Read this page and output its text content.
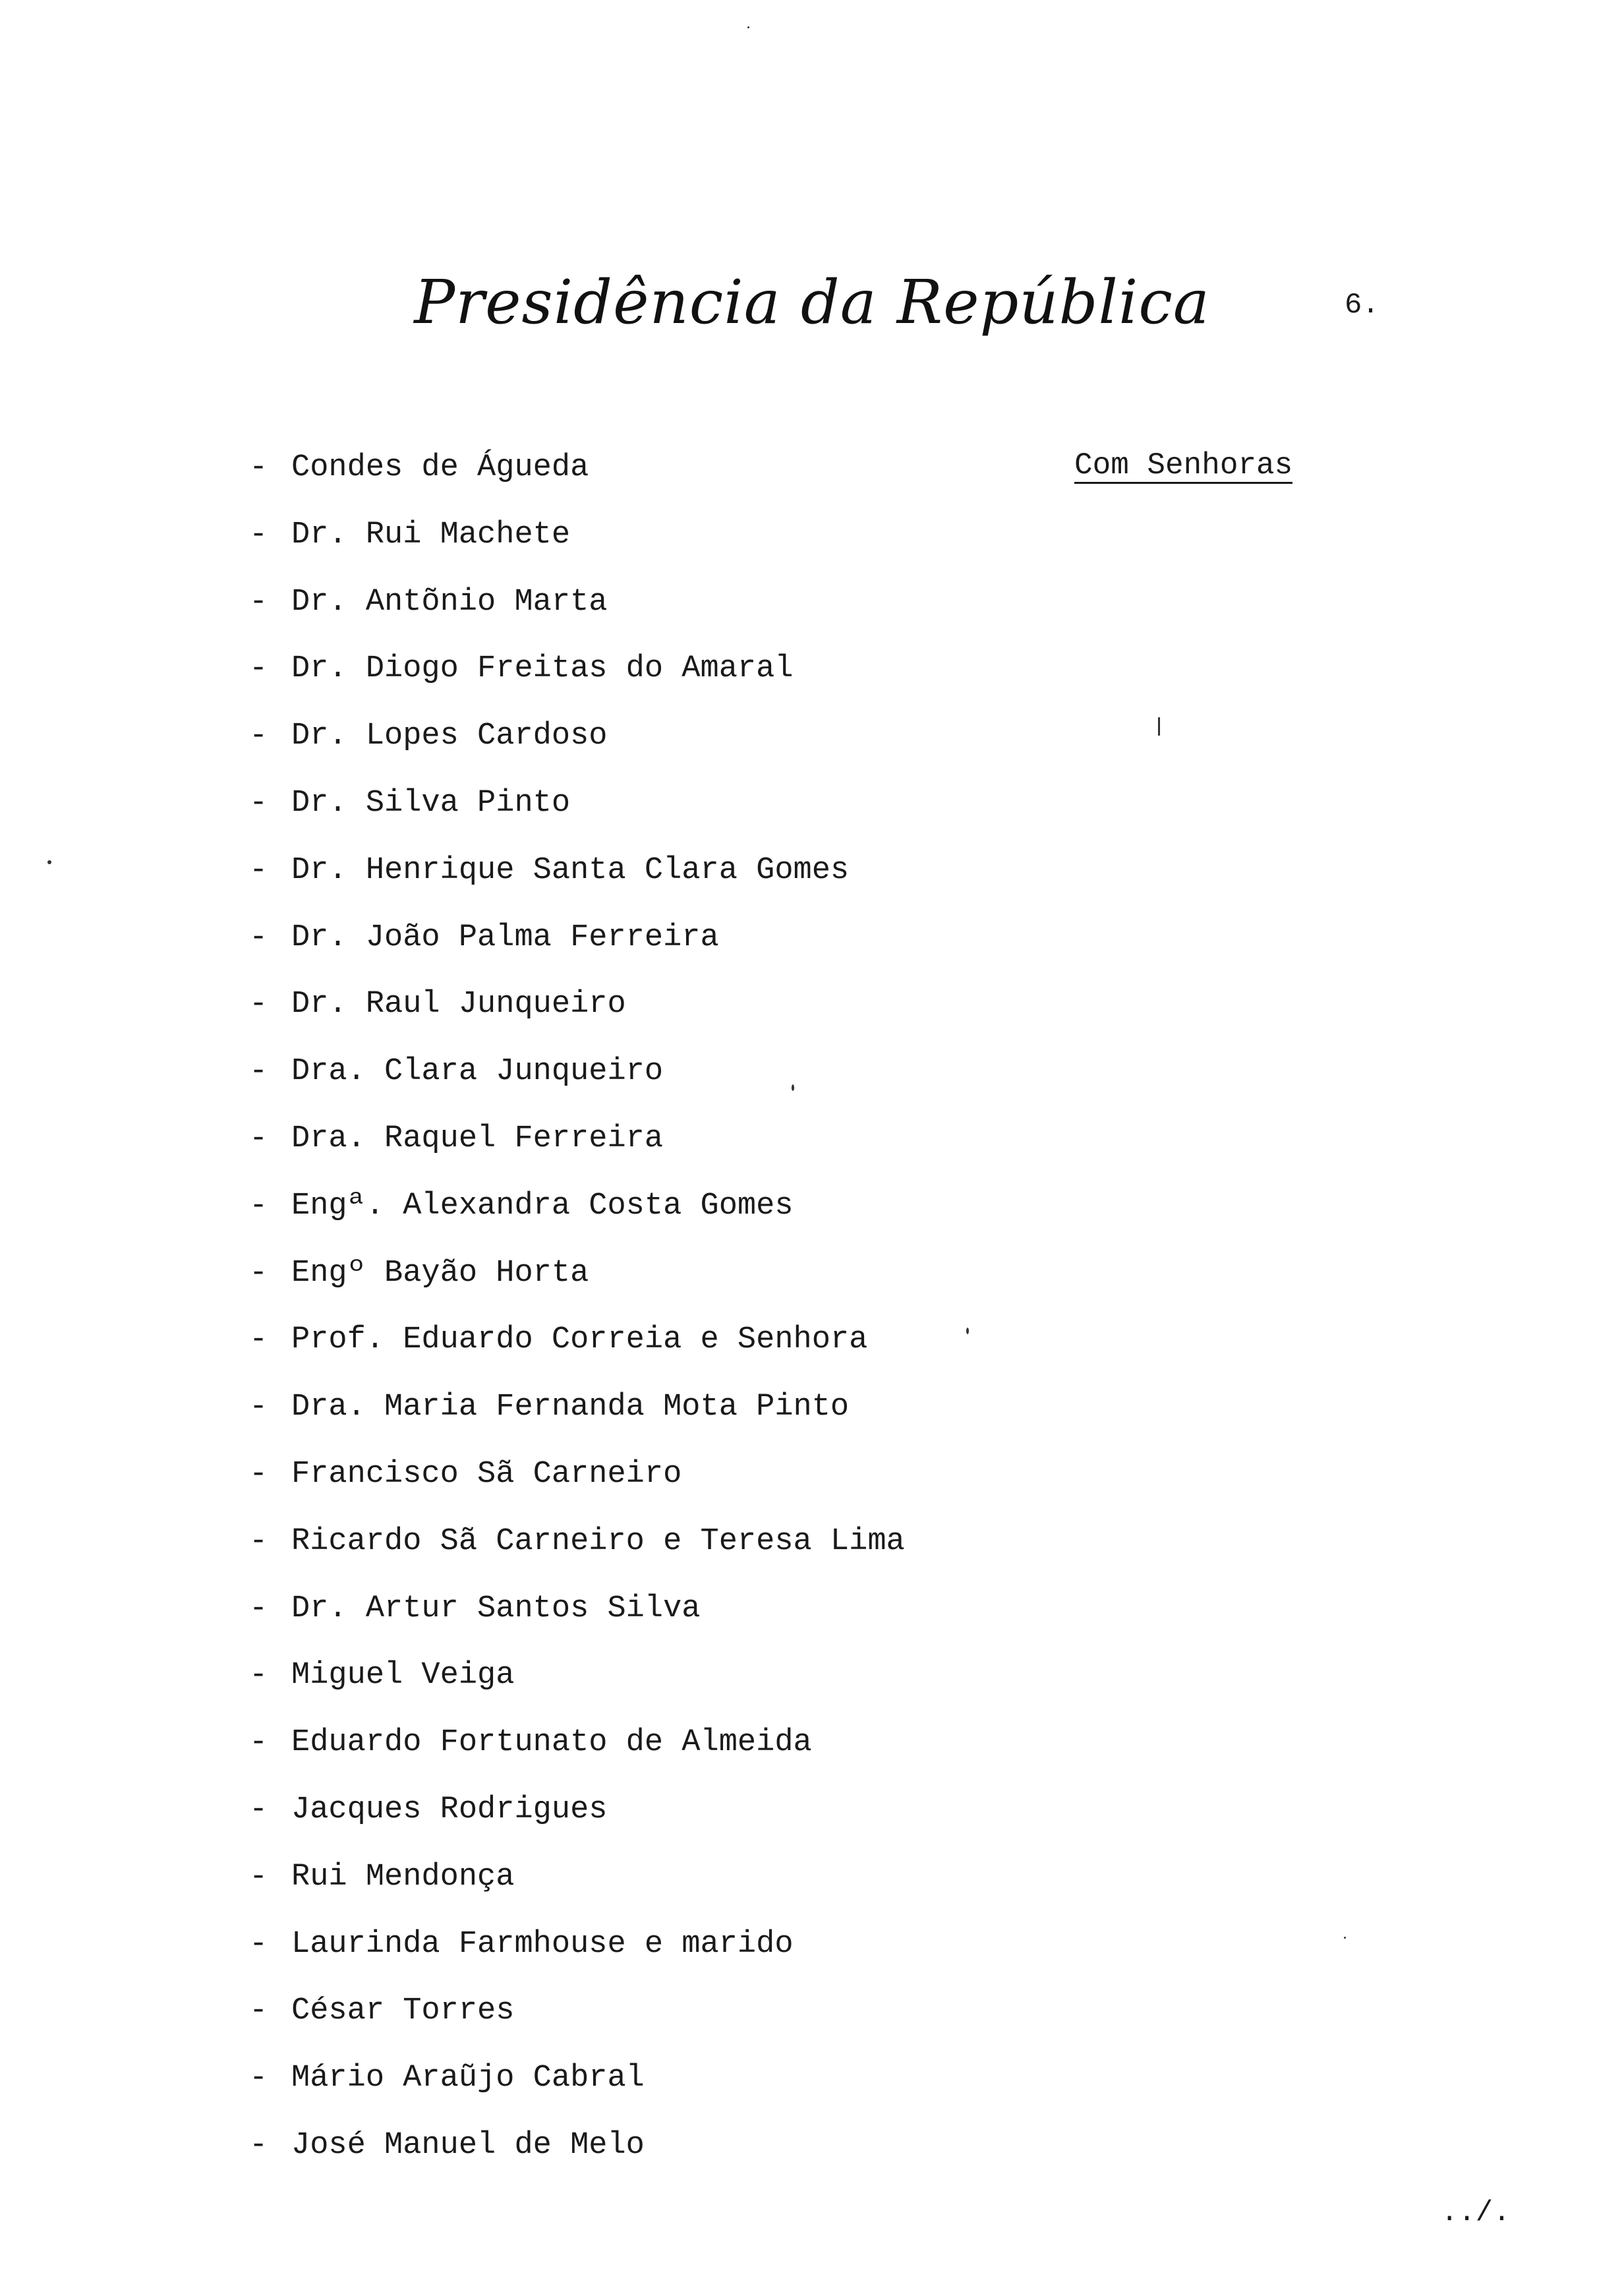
Presidência da República	6.
Com Senhoras
- Condes de Águeda
- Dr. Rui Machete
- Dr. Antõnio Marta
- Dr. Diogo Freitas do Amaral
- Dr. Lopes Cardoso
- Dr. Silva Pinto
- Dr. Henrique Santa Clara Gomes
- Dr. João Palma Ferreira
- Dr. Raul Junqueiro
- Dra. Clara Junqueiro
- Dra. Raquel Ferreira
- Engª. Alexandra Costa Gomes
- Engº Bayão Horta
- Prof. Eduardo Correia e Senhora
- Dra. Maria Fernanda Mota Pinto
- Francisco Sã Carneiro
- Ricardo Sã Carneiro e Teresa Lima
- Dr. Artur Santos Silva
- Miguel Veiga
- Eduardo Fortunato de Almeida
- Jacques Rodrigues
- Rui Mendonça
- Laurinda Farmhouse e marido
- César Torres
- Mário Araũjo Cabral
- José Manuel de Melo
../.
